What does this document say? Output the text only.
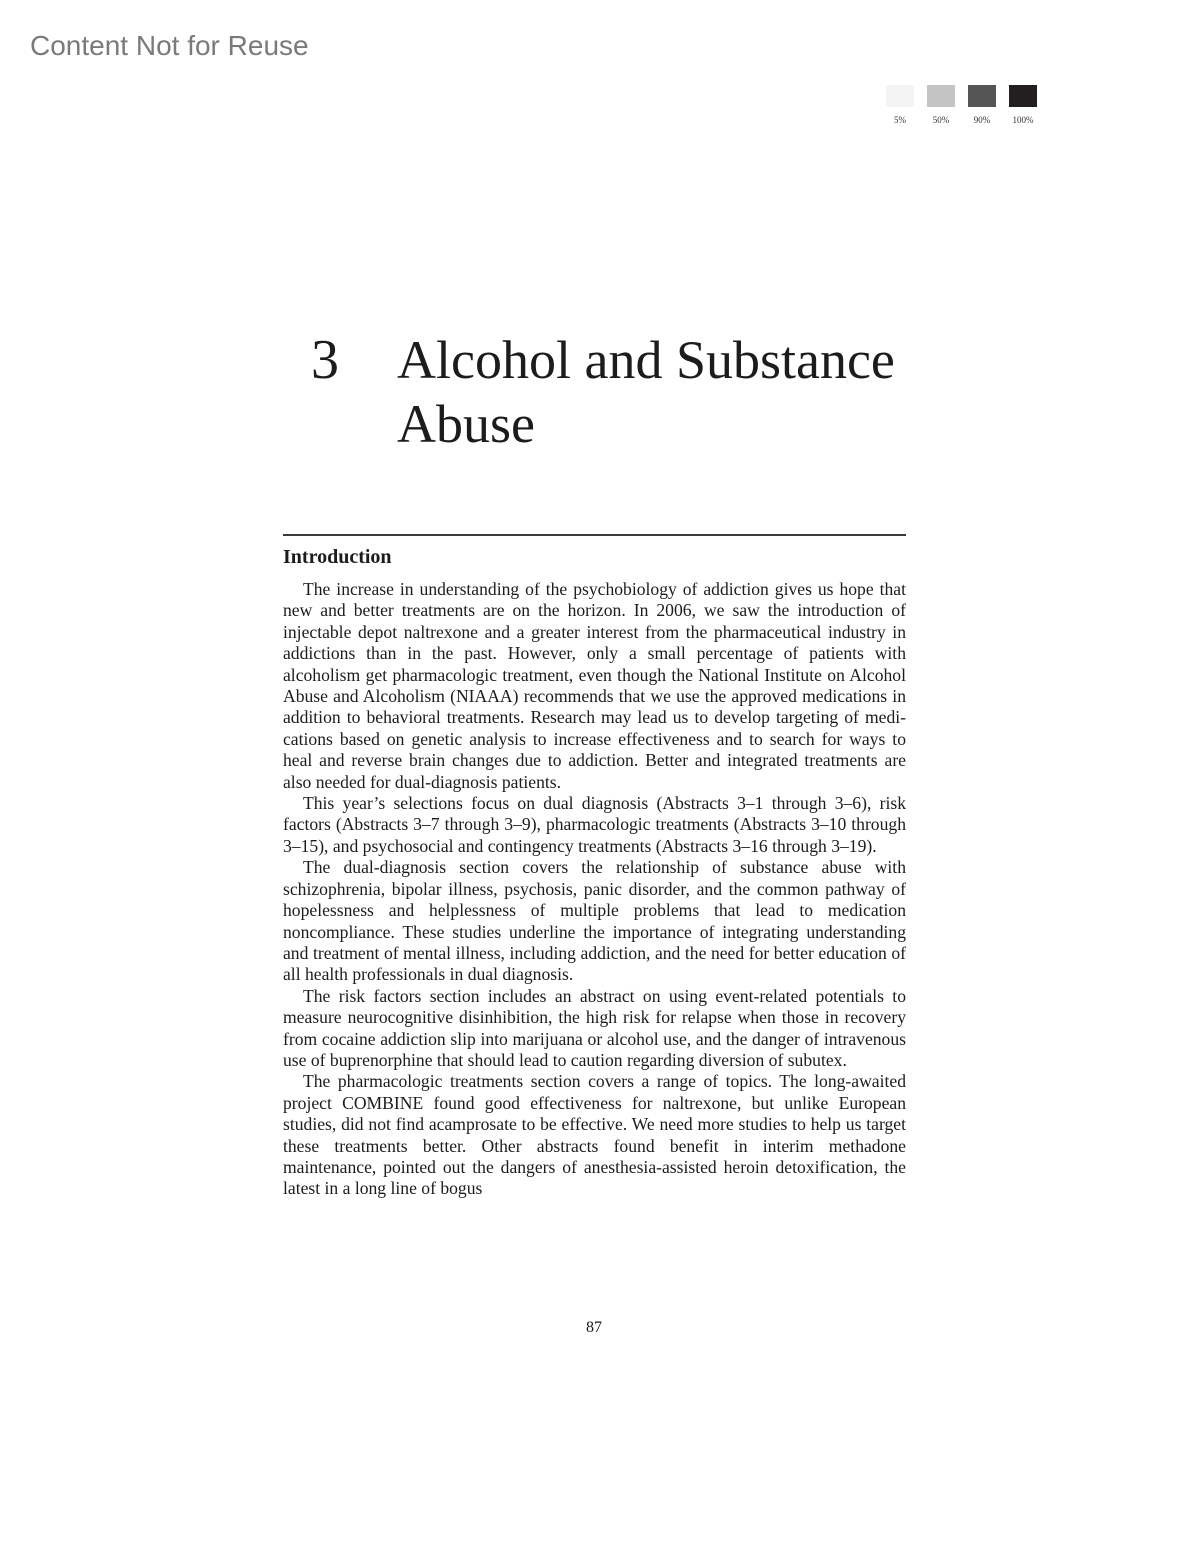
Content Not for Reuse
5%	50%	90% 100%
3 Alcohol and Substance Abuse
Introduction

The increase in understanding of the psychobiology of addiction gives us hope that new and better treatments are on the horizon. In 2006, we saw the introduction of injectable depot naltrexone and a greater interest from the pharmaceutical industry in addictions than in the past. However, only a small percentage of patients with alcoholism get pharmacologic treatment, even though the National Institute on Alcohol Abuse and Alcoholism (NIAAA) recommends that we use the approved medications in addition to behavioral treatments. Research may lead us to develop targeting of medications based on genetic analysis to increase effectiveness and to search for ways to heal and reverse brain changes due to addiction. Better and integrated treatments are also needed for dual-diagnosis patients.

This year’s selections focus on dual diagnosis (Abstracts 3–1 through 3–6), risk factors (Abstracts 3–7 through 3–9), pharmacologic treatments (Abstracts 3–10 through 3–15), and psychosocial and contingency treatments (Abstracts 3–16 through 3–19).

The dual-diagnosis section covers the relationship of substance abuse with schizophrenia, bipolar illness, psychosis, panic disorder, and the common pathway of hopelessness and helplessness of multiple problems that lead to medication noncompliance. These studies underline the importance of integrating understanding and treatment of mental illness, including addiction, and the need for better education of all health professionals in dual diagnosis.

The risk factors section includes an abstract on using event-related potentials to measure neurocognitive disinhibition, the high risk for relapse when those in recovery from cocaine addiction slip into marijuana or alcohol use, and the danger of intravenous use of buprenorphine that should lead to caution regarding diversion of subutex.

The pharmacologic treatments section covers a range of topics. The long-awaited project COMBINE found good effectiveness for naltrexone, but unlike European studies, did not find acamprosate to be effective. We need more studies to help us target these treatments better. Other abstracts found benefit in interim methadone maintenance, pointed out the dangers of anesthesia-assisted heroin detoxification, the latest in a long line of bogus

87
